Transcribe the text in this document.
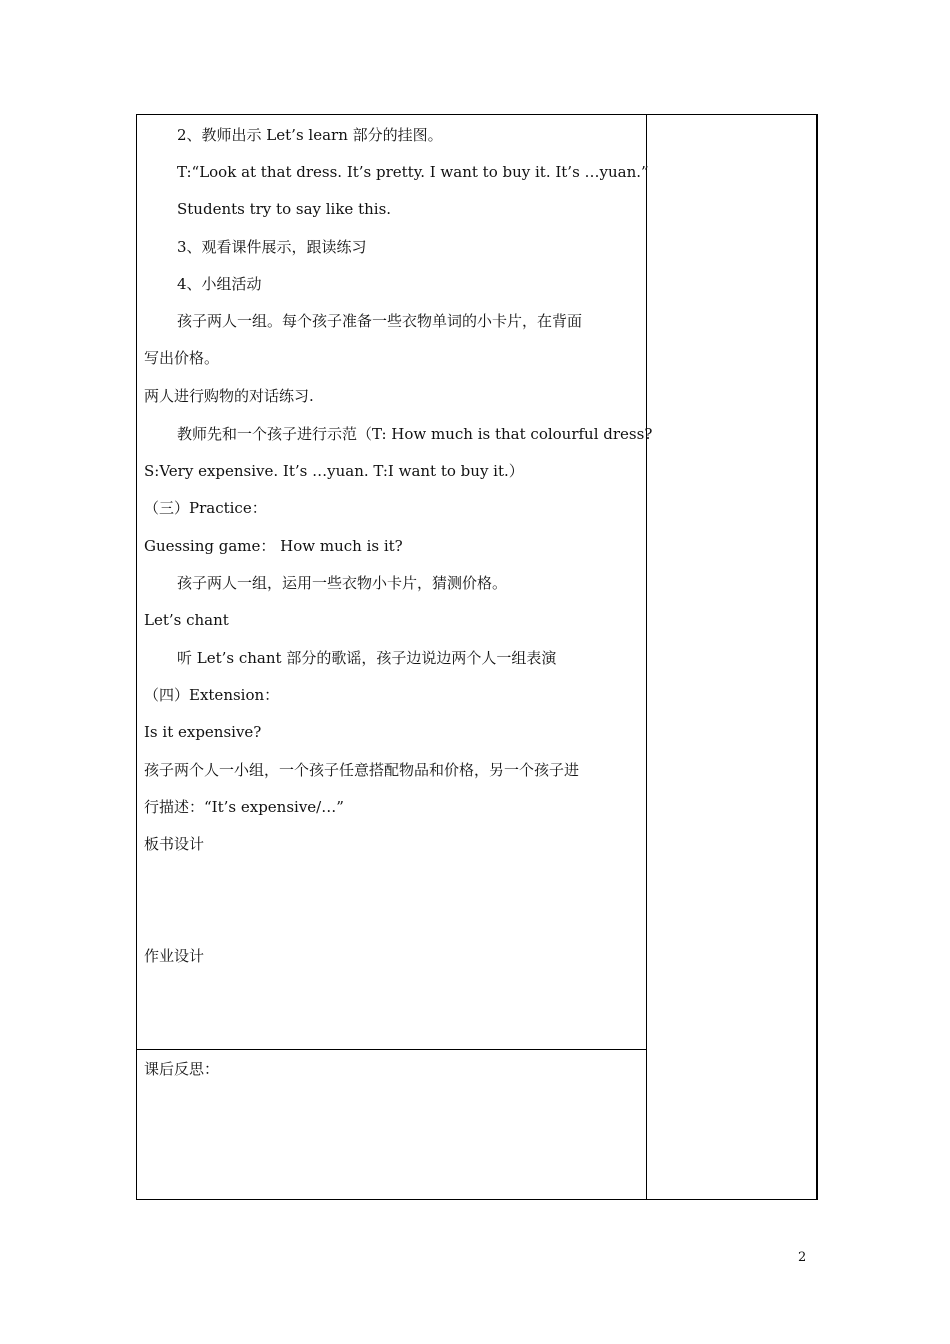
2、教师出示 Let’s learn 部分的挂图。
T:“Look at that dress. It’s pretty. I want to buy it. It’s …yuan.”
Students try to say like this.
3、观看课件展示，跟读练习
4、小组活动
孩子两人一组。每个孩子准备一些衣物单词的小卡片，在背面
写出价格。
两人进行购物的对话练习.
教师先和一个孩子进行示范（T: How much is that colourful dress?
S:Very expensive. It’s …yuan. T:I want to buy it.）
（三）Practice：
Guessing game： How much is it?
孩子两人一组，运用一些衣物小卡片，猜测价格。
Let’s chant
听 Let’s chant 部分的歌谣，孩子边说边两个人一组表演
（四）Extension：
Is it expensive?
孩子两个人一小组，一个孩子任意搭配物品和价格，另一个孩子进
行描述：“It’s expensive/…”
板书设计
作业设计
课后反思：
2
